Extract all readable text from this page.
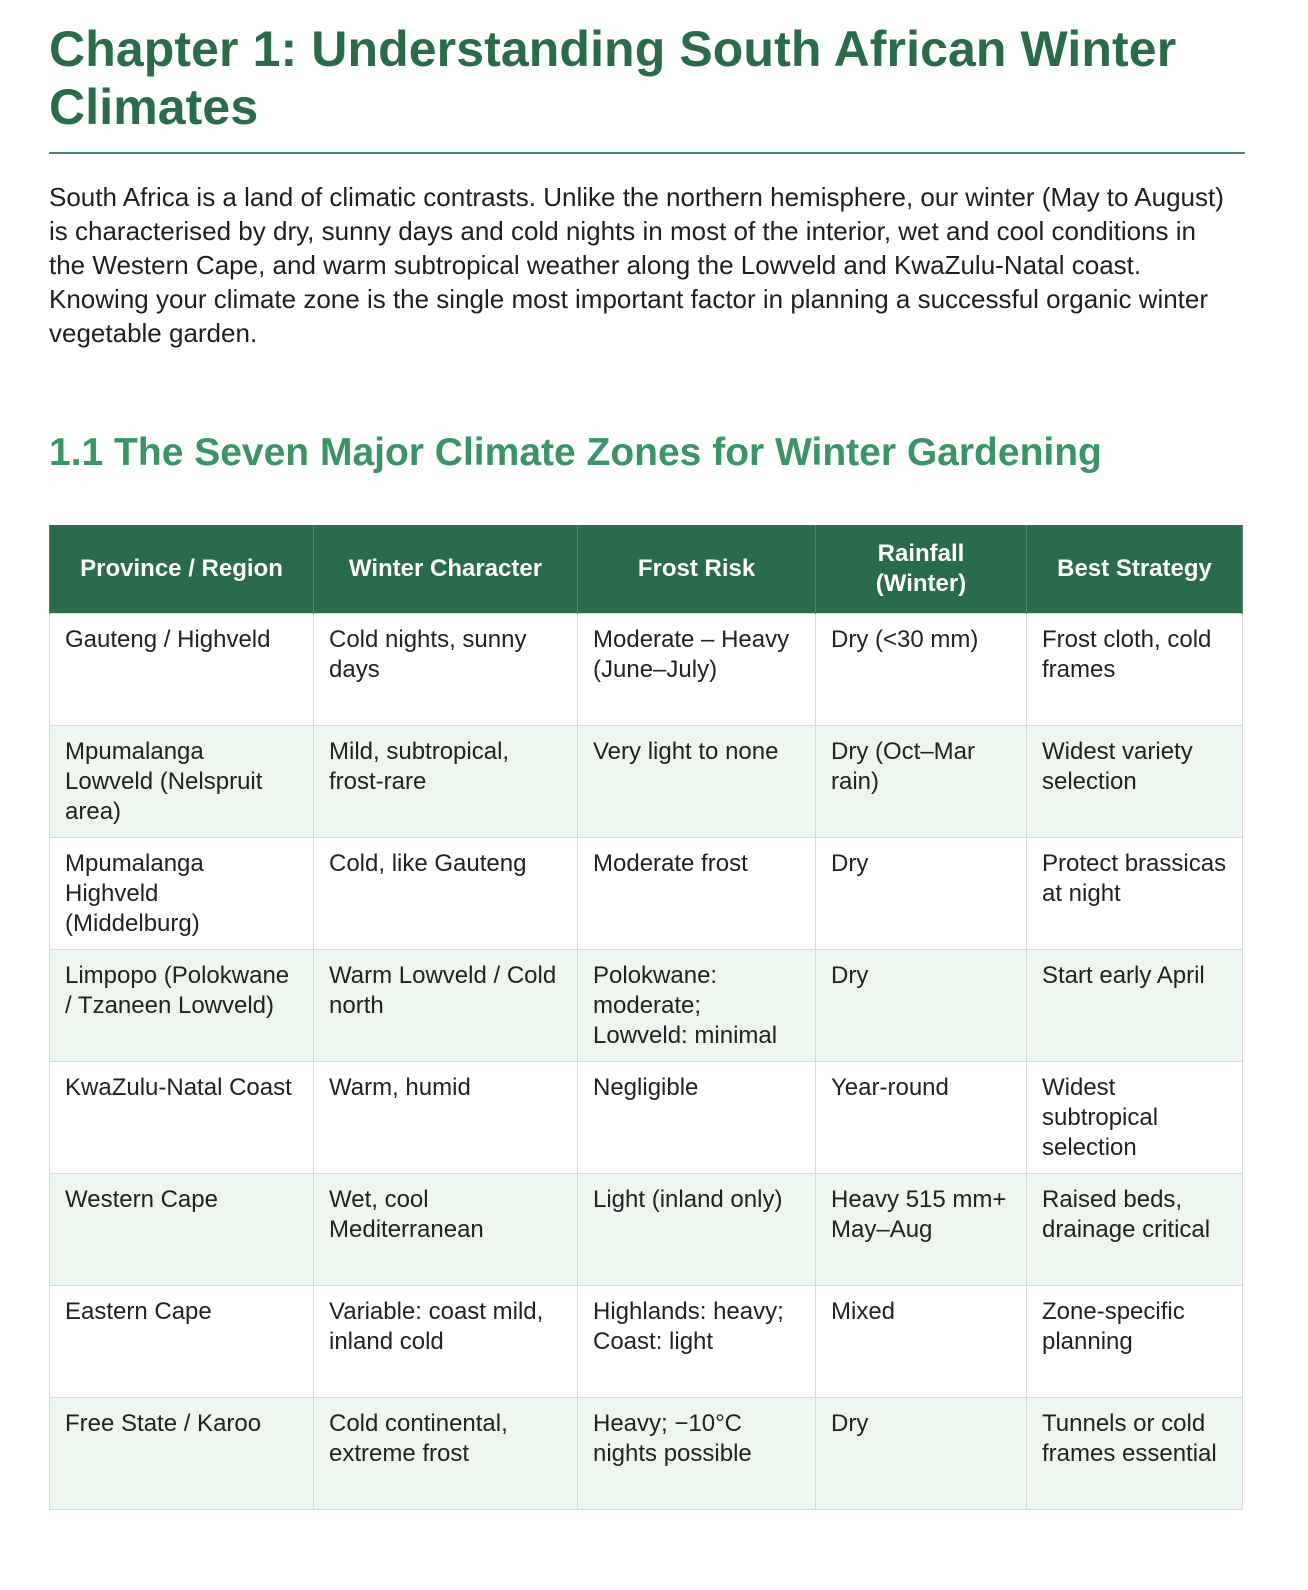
Chapter 1: Understanding South African Winter Climates

South Africa is a land of climatic contrasts. Unlike the northern hemisphere, our winter (May to August) is characterised by dry, sunny days and cold nights in most of the interior, wet and cool conditions in the Western Cape, and warm subtropical weather along the Lowveld and KwaZulu-Natal coast. Knowing your climate zone is the single most important factor in planning a successful organic winter vegetable garden.

1.1 The Seven Major Climate Zones for Winter Gardening
Province / Region	Winter Character	Frost Risk	Rainfall (Winter)	Best Strategy
Gauteng / Highveld	Cold nights, sunny days	Moderate – Heavy (June–July)	Dry (<30 mm)	Frost cloth, cold frames
Mpumalanga Lowveld (Nelspruit area)	Mild, subtropical, frost-rare	Very light to none	Dry (Oct–Mar rain)	Widest variety selection
Mpumalanga Highveld (Middelburg)	Cold, like Gauteng	Moderate frost	Dry	Protect brassicas at night
Limpopo (Polokwane / Tzaneen Lowveld)	Warm Lowveld / Cold north	Polokwane: moderate; Lowveld: minimal	Dry	Start early April
KwaZulu-Natal Coast	Warm, humid	Negligible	Year-round	Widest subtropical selection
Western Cape	Wet, cool Mediterranean	Light (inland only)	Heavy 515 mm+ May–Aug	Raised beds, drainage critical
Eastern Cape	Variable: coast mild, inland cold	Highlands: heavy; Coast: light	Mixed	Zone-specific planning
Free State / Karoo	Cold continental, extreme frost	Heavy; −10°C nights possible	Dry	Tunnels or cold frames essential
